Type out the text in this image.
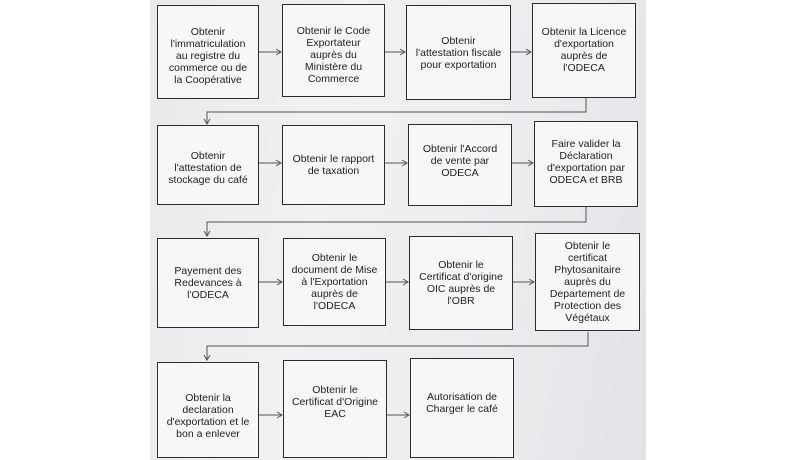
Obtenir
l'immatriculation
au registre du
commerce ou de
la Coopérative
Obtenir le Code
Exportateur
auprès du
Ministère du
Commerce
Obtenir
l'attestation fiscale
pour exportation
Obtenir la Licence
d'exportation
auprès de
l'ODECA
Obtenir
l'attestation de
stockage du café
Obtenir le rapport
de taxation
Obtenir l'Accord
de vente par
ODECA
Faire valider la
Déclaration
d'exportation par
ODECA et BRB
Payement des
Redevances à
l'ODECA
Obtenir le
document de Mise
à l'Exportation
auprès de
l'ODECA
Obtenir le
Certificat d'origine
OIC auprès de
l'OBR
Obtenir le
certificat
Phytosanitaire
auprès du
Departement de
Protection des
Végétaux
Obtenir la
declaration
d'exportation et le
bon a enlever
Obtenir le
Certificat d'Origine
EAC
Autorisation de
Charger le café
